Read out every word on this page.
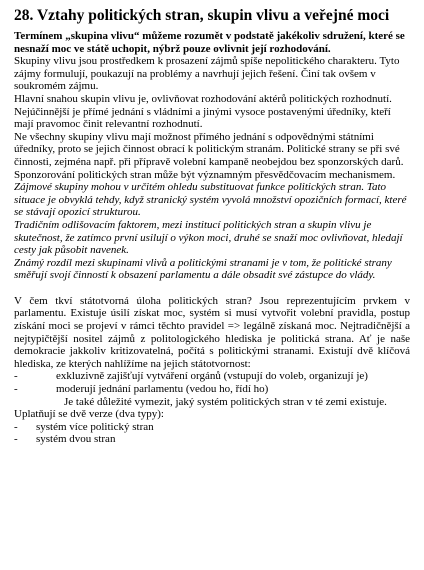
28. Vztahy politických stran, skupin vlivu a veřejné moci

Termínem „skupina vlivu“ můžeme rozumět v podstatě jakékoliv sdružení, které se nesnaží moc ve státě uchopit, nýbrž pouze ovlivnit její rozhodování.

Skupiny vlivu jsou prostředkem k prosazení zájmů spíše nepolitického charakteru. Tyto zájmy formulují, poukazují na problémy a navrhují jejich řešení. Činí tak ovšem v soukromém zájmu.

Hlavní snahou skupin vlivu je, ovlivňovat rozhodování aktérů politických rozhodnutí. Nejúčinnější je přímé jednání s vládními a jinými vysoce postavenými úředníky, kteří mají pravomoc činit relevantní rozhodnutí.

Ne všechny skupiny vlivu mají možnost přímého jednání s odpovědnými státními úředníky, proto se jejich činnost obrací k politickým stranám. Politické strany se při své činnosti, zejména např. při přípravě volební kampaně neobejdou bez sponzorských darů. Sponzorování politických stran může být významným přesvědčovacím mechanismem.

Zájmové skupiny mohou v určitém ohledu substituovat funkce politických stran. Tato situace je obvyklá tehdy, když stranický systém vyvolá množství opozičních formací, které se stávají opozicí strukturou.

Tradičním odlišovacím faktorem, mezi institucí politických stran a skupin vlivu je skutečnost, že zatímco první usilují o výkon moci, druhé se snaží moc ovlivňovat, hledají cesty jak působit navenek.

Známý rozdíl mezi skupinami vlivů a politickými stranami je v tom, že politické strany směřují svojí činností k obsazení parlamentu a dále obsadit své zástupce do vlády.

V čem tkví státotvorná úloha politických stran? Jsou reprezentujícím prvkem v parlamentu. Existuje úsilí získat moc, systém si musí vytvořit volební pravidla, postup získání moci se projeví v rámci těchto pravidel => legálně získaná moc. Nejtradičnější a nejtypičtější nositel zájmů z politologického hlediska je politická strana. Ať je naše demokracie jakkoliv kritizovatelná, počítá s politickými stranami. Existují dvě klíčová hlediska, ze kterých nahlížíme na jejich státotvornost:

-	exkluzivně zajišťují vytváření orgánů (vstupují do voleb, organizují je)
-	moderují jednání parlamentu (vedou ho, řídí ho)

Je také důležité vymezit, jaký systém politických stran v té zemi existuje.

Uplatňují se dvě verze (dva typy):

- systém více politický stran
- systém dvou stran
